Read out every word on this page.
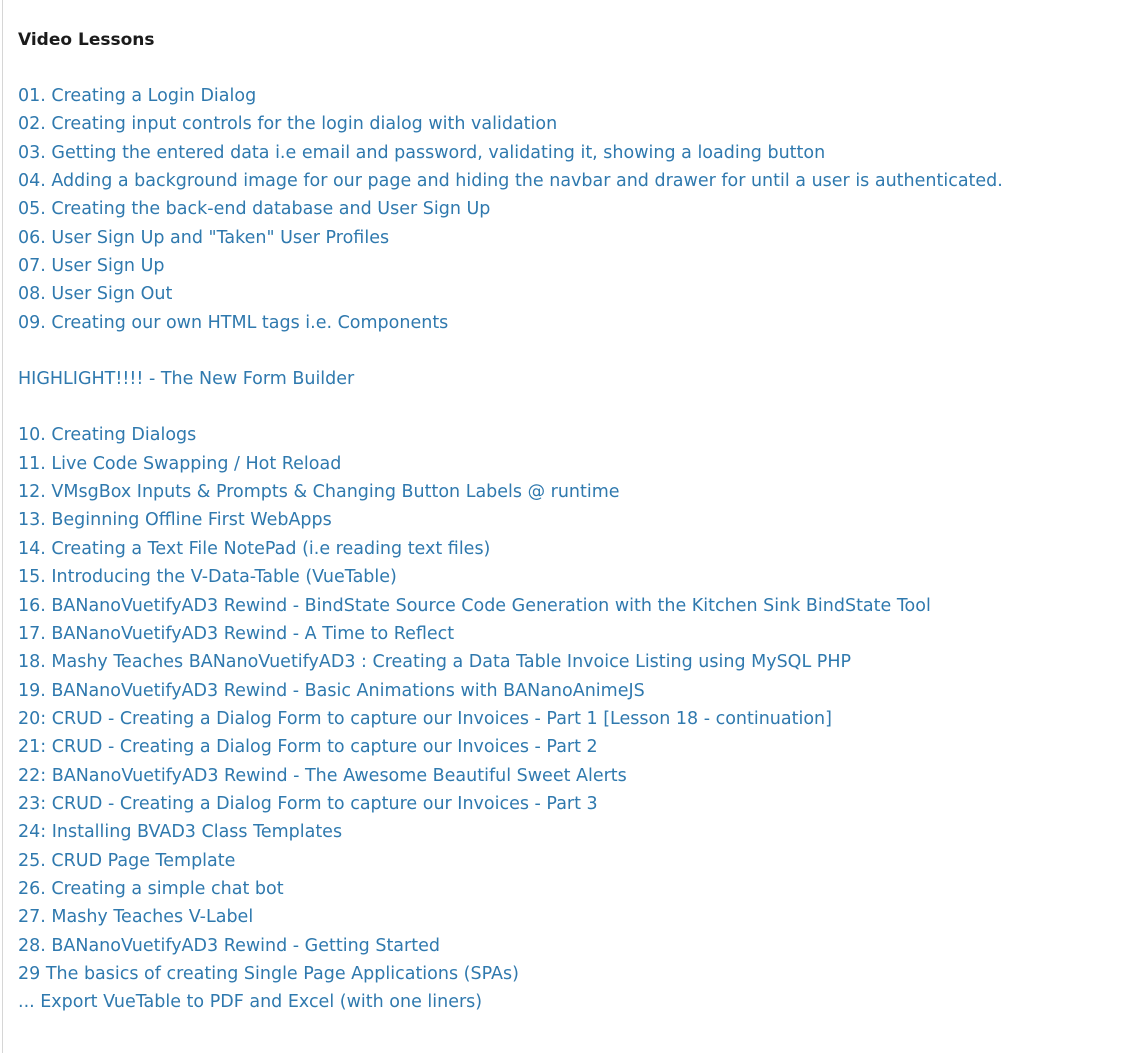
Video Lessons
01. Creating a Login Dialog
02. Creating input controls for the login dialog with validation
03. Getting the entered data i.e email and password, validating it, showing a loading button
04. Adding a background image for our page and hiding the navbar and drawer for until a user is authenticated.
05. Creating the back-end database and User Sign Up
06. User Sign Up and "Taken" User Profiles
07. User Sign Up
08. User Sign Out
09. Creating our own HTML tags i.e. Components
HIGHLIGHT!!!! - The New Form Builder
10. Creating Dialogs
11. Live Code Swapping / Hot Reload
12. VMsgBox Inputs & Prompts & Changing Button Labels @ runtime
13. Beginning Offline First WebApps
14. Creating a Text File NotePad (i.e reading text files)
15. Introducing the V-Data-Table (VueTable)
16. BANanoVuetifyAD3 Rewind - BindState Source Code Generation with the Kitchen Sink BindState Tool
17. BANanoVuetifyAD3 Rewind - A Time to Reflect
18. Mashy Teaches BANanoVuetifyAD3 : Creating a Data Table Invoice Listing using MySQL PHP
19. BANanoVuetifyAD3 Rewind - Basic Animations with BANanoAnimeJS
20: CRUD - Creating a Dialog Form to capture our Invoices - Part 1 [Lesson 18 - continuation]
21: CRUD - Creating a Dialog Form to capture our Invoices - Part 2
22: BANanoVuetifyAD3 Rewind - The Awesome Beautiful Sweet Alerts
23: CRUD - Creating a Dialog Form to capture our Invoices - Part 3
24: Installing BVAD3 Class Templates
25. CRUD Page Template
26. Creating a simple chat bot
27. Mashy Teaches V-Label
28. BANanoVuetifyAD3 Rewind - Getting Started
29 The basics of creating Single Page Applications (SPAs)
... Export VueTable to PDF and Excel (with one liners)
